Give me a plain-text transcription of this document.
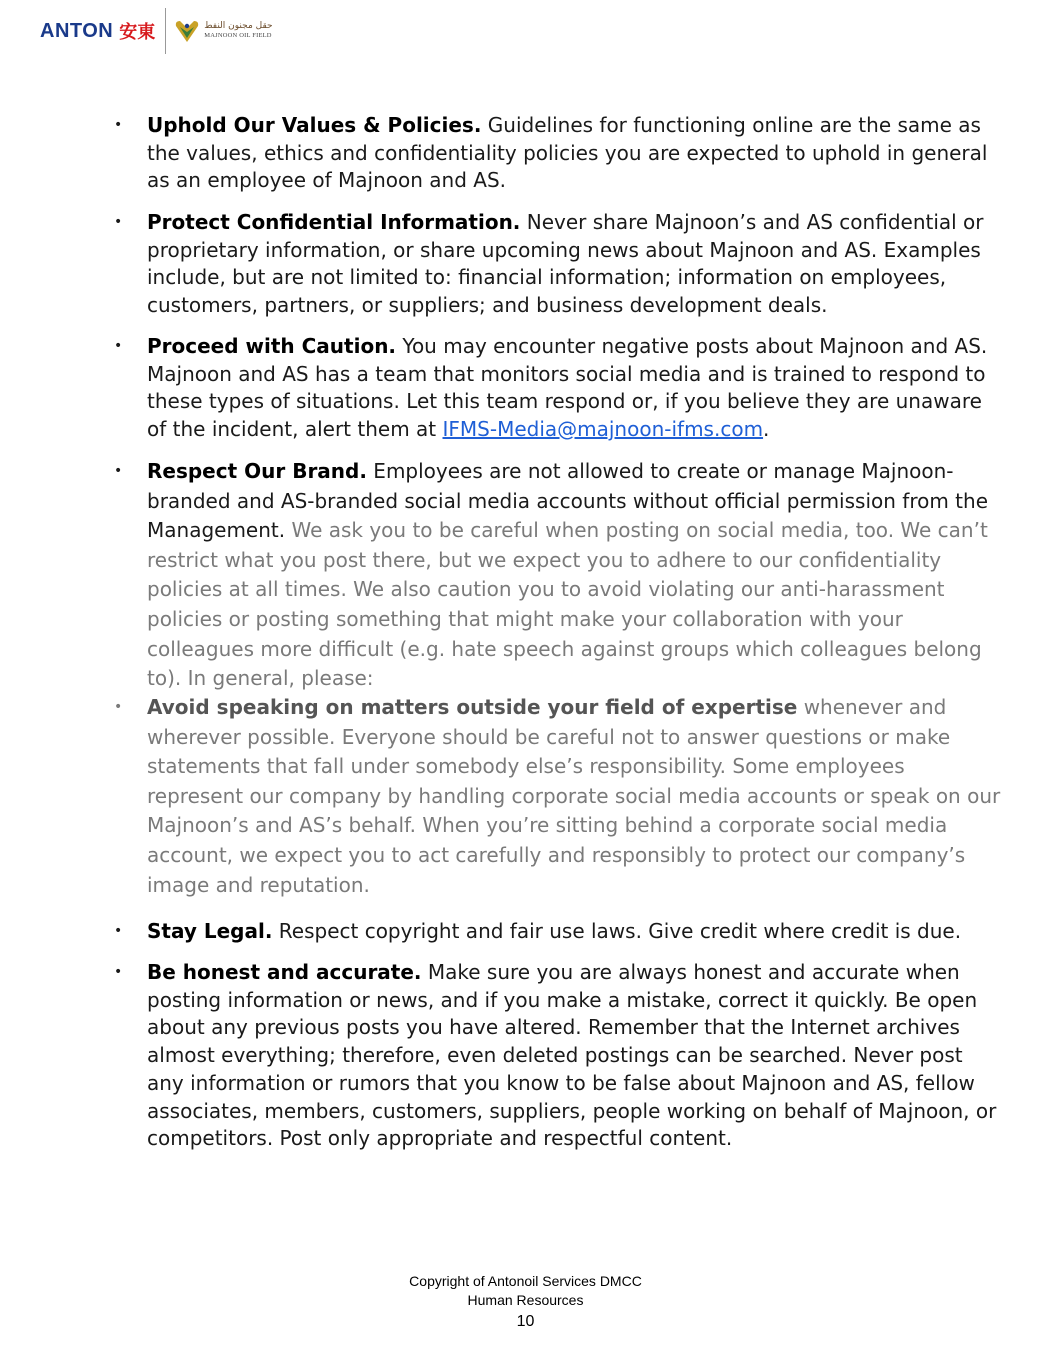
ANTON 安東	حقل مجنون النفط
MAJNOON OIL FIELD
• Uphold Our Values & Policies. Guidelines for functioning online are the same as the values, ethics and confidentiality policies you are expected to uphold in general as an employee of Majnoon and AS.
• Protect Confidential Information. Never share Majnoon’s and AS confidential or proprietary information, or share upcoming news about Majnoon and AS. Examples include, but are not limited to: financial information; information on employees, customers, partners, or suppliers; and business development deals.
• Proceed with Caution. You may encounter negative posts about Majnoon and AS. Majnoon and AS has a team that monitors social media and is trained to respond to these types of situations. Let this team respond or, if you believe they are unaware of the incident, alert them at IFMS-Media@majnoon-ifms.com.
• Respect Our Brand. Employees are not allowed to create or manage Majnoon-branded and AS-branded social media accounts without official permission from the Management. We ask you to be careful when posting on social media, too. We can’t restrict what you post there, but we expect you to adhere to our confidentiality policies at all times. We also caution you to avoid violating our anti-harassment policies or posting something that might make your collaboration with your colleagues more difficult (e.g. hate speech against groups which colleagues belong to). In general, please:
• Avoid speaking on matters outside your field of expertise whenever and wherever possible. Everyone should be careful not to answer questions or make statements that fall under somebody else’s responsibility. Some employees represent our company by handling corporate social media accounts or speak on our Majnoon’s and AS’s behalf. When you’re sitting behind a corporate social media account, we expect you to act carefully and responsibly to protect our company’s image and reputation.
• Stay Legal. Respect copyright and fair use laws. Give credit where credit is due.
• Be honest and accurate. Make sure you are always honest and accurate when posting information or news, and if you make a mistake, correct it quickly. Be open about any previous posts you have altered. Remember that the Internet archives almost everything; therefore, even deleted postings can be searched. Never post any information or rumors that you know to be false about Majnoon and AS, fellow associates, members, customers, suppliers, people working on behalf of Majnoon, or competitors. Post only appropriate and respectful content.
Copyright of Antonoil Services DMCC
Human Resources
10
